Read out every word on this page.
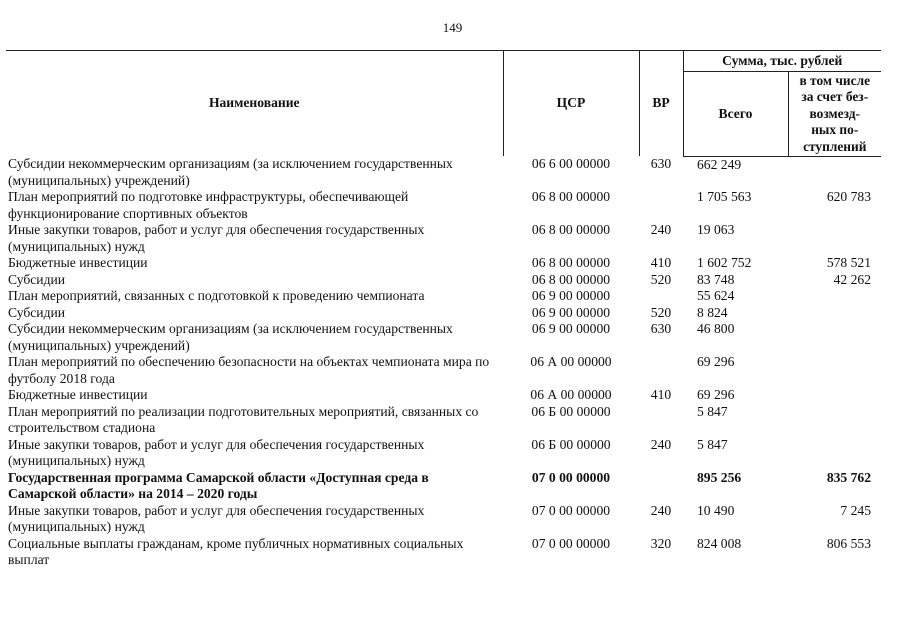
149
Наименование	ЦСР	ВР	Сумма, тыс. рублей	
			Всего	в том числе
за счет без-
возмезд-
ных по-
ступлений
Субсидии некоммерческим организациям (за исключением государственных (муниципальных) учреждений)	06 6 00 00000	630	662 249	
План мероприятий по подготовке инфраструктуры, обеспечивающей функционирование спортивных объектов	06 8 00 00000		1 705 563	620 783
Иные закупки товаров, работ и услуг для обеспечения государственных (муниципальных) нужд	06 8 00 00000	240	19 063	
Бюджетные инвестиции	06 8 00 00000	410	1 602 752	578 521
Субсидии	06 8 00 00000	520	83 748	42 262
План мероприятий, связанных с подготовкой к проведению чемпионата	06 9 00 00000		55 624	
Субсидии	06 9 00 00000	520	8 824	
Субсидии некоммерческим организациям (за исключением государственных (муниципальных) учреждений)	06 9 00 00000	630	46 800	
План мероприятий по обеспечению безопасности на объектах чемпионата мира по футболу 2018 года	06 А 00 00000		69 296	
Бюджетные инвестиции	06 А 00 00000	410	69 296	
План мероприятий по реализации подготовительных мероприятий, связанных со строительством стадиона	06 Б 00 00000		5 847	
Иные закупки товаров, работ и услуг для обеспечения государственных (муниципальных) нужд	06 Б 00 00000	240	5 847	
Государственная программа Самарской области «Доступная среда в Самарской области» на 2014 – 2020 годы	07 0 00 00000		895 256	835 762
Иные закупки товаров, работ и услуг для обеспечения государственных (муниципальных) нужд	07 0 00 00000	240	10 490	7 245
Социальные выплаты гражданам, кроме публичных нормативных социальных выплат	07 0 00 00000	320	824 008	806 553
